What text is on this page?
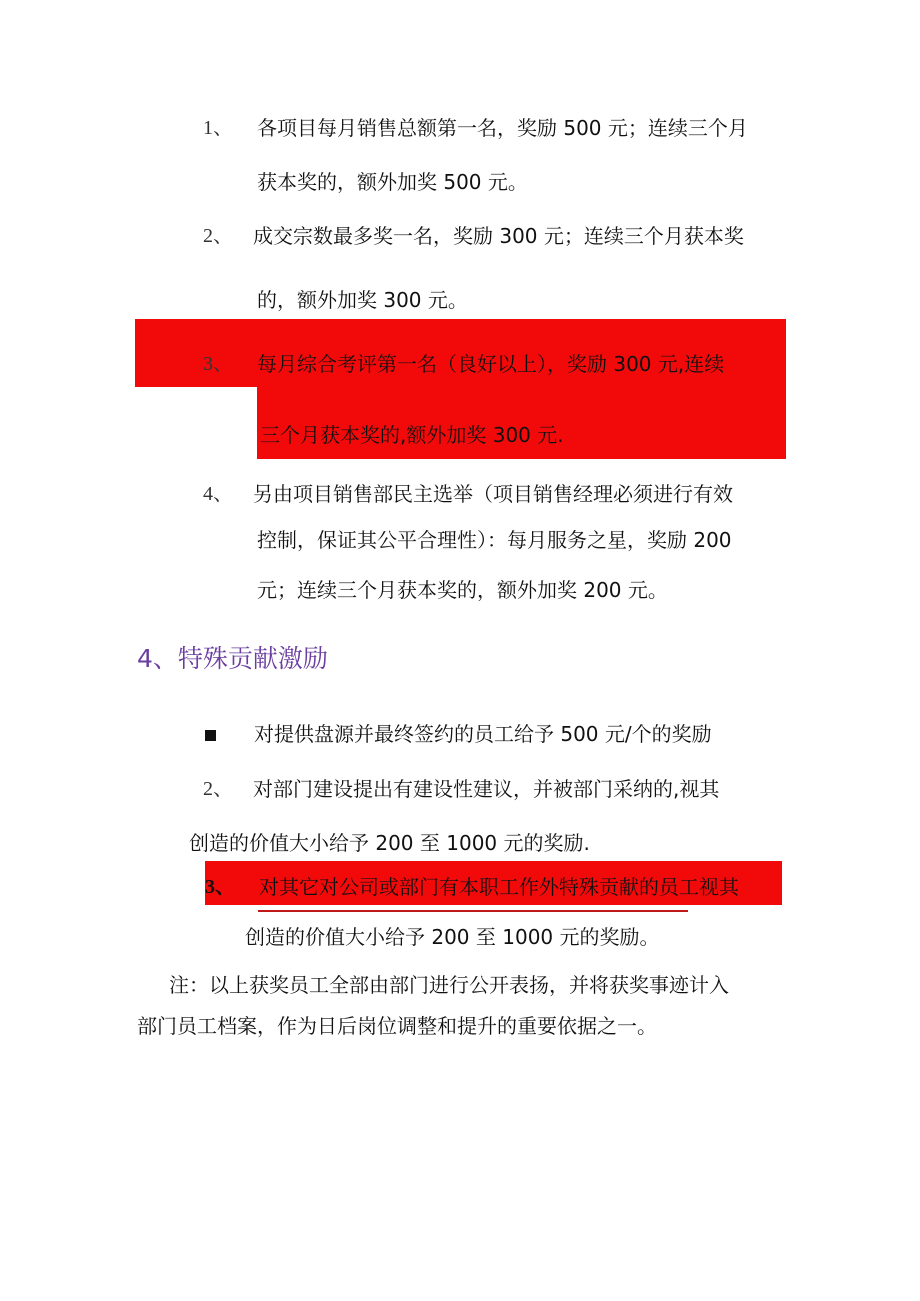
1、 各项目每月销售总额第一名，奖励 500 元；连续三个月
获本奖的，额外加奖 500 元。
2、 成交宗数最多奖一名，奖励 300 元；连续三个月获本奖
的，额外加奖 300 元。
3、 每月综合考评第一名（良好以上），奖励 300 元,连续
三个月获本奖的,额外加奖 300 元.
4、 另由项目销售部民主选举（项目销售经理必须进行有效
控制，保证其公平合理性）：每月服务之星，奖励 200
元；连续三个月获本奖的，额外加奖 200 元。
4、特殊贡献激励
对提供盘源并最终签约的员工给予 500 元/个的奖励
2、 对部门建设提出有建设性建议，并被部门采纳的,视其
创造的价值大小给予 200 至 1000 元的奖励.
3、 对其它对公司或部门有本职工作外特殊贡献的员工视其
创造的价值大小给予 200 至 1000 元的奖励。
注：以上获奖员工全部由部门进行公开表扬，并将获奖事迹计入
部门员工档案，作为日后岗位调整和提升的重要依据之一。
